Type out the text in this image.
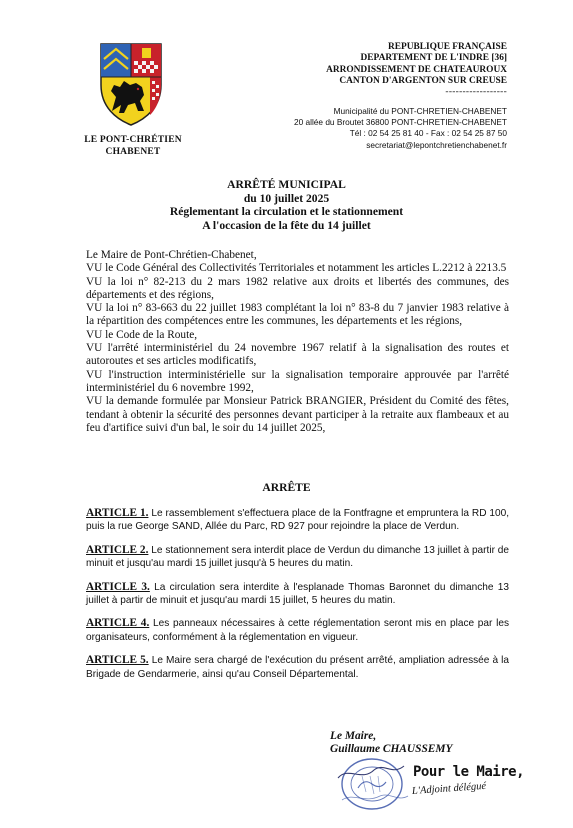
LE PONT-CHRÉTIEN
CHABENET
REPUBLIQUE FRANÇAISE
DEPARTEMENT DE L'INDRE [36]
ARRONDISSEMENT DE CHATEAUROUX
CANTON D'ARGENTON SUR CREUSE
------------------
Municipalité du PONT-CHRETIEN-CHABENET
20 allée du Broutet 36800 PONT-CHRETIEN-CHABENET
Tél : 02 54 25 81 40 - Fax : 02 54 25 87 50
secretariat@lepontchretienchabenet.fr
ARRÊTÉ MUNICIPAL
du 10 juillet 2025
Réglementant la circulation et le stationnement
A l'occasion de la fête du 14 juillet

Le Maire de Pont-Chrétien-Chabenet,

VU le Code Général des Collectivités Territoriales et notamment les articles L.2212 à 2213.5

VU la loi n° 82-213 du 2 mars 1982 relative aux droits et libertés des communes, des départements et des régions,

VU la loi n° 83-663 du 22 juillet 1983 complétant la loi n° 83-8 du 7 janvier 1983 relative à la répartition des compétences entre les communes, les départements et les régions,

VU le Code de la Route,

VU l'arrêté interministériel du 24 novembre 1967 relatif à la signalisation des routes et autoroutes et ses articles modificatifs,

VU l'instruction interministérielle sur la signalisation temporaire approuvée par l'arrêté interministériel du 6 novembre 1992,

VU la demande formulée par Monsieur Patrick BRANGIER, Président du Comité des fêtes, tendant à obtenir la sécurité des personnes devant participer à la retraite aux flambeaux et au feu d'artifice suivi d'un bal, le soir du 14 juillet 2025,

ARRÊTE

ARTICLE 1. Le rassemblement s'effectuera place de la Fontfragne et empruntera la RD 100, puis la rue George SAND, Allée du Parc, RD 927 pour rejoindre la place de Verdun.

ARTICLE 2. Le stationnement sera interdit place de Verdun du dimanche 13 juillet à partir de minuit et jusqu'au mardi 15 juillet jusqu'à 5 heures du matin.

ARTICLE 3. La circulation sera interdite à l'esplanade Thomas Baronnet du dimanche 13 juillet à partir de minuit et jusqu'au mardi 15 juillet, 5 heures du matin.

ARTICLE 4. Les panneaux nécessaires à cette réglementation seront mis en place par les organisateurs, conformément à la réglementation en vigueur.

ARTICLE 5. Le Maire sera chargé de l'exécution du présent arrêté, ampliation adressée à la Brigade de Gendarmerie, ainsi qu'au Conseil Départemental.

Le Maire,
Guillaume CHAUSSEMY
Pour le Maire,
L'Adjoint délégué
